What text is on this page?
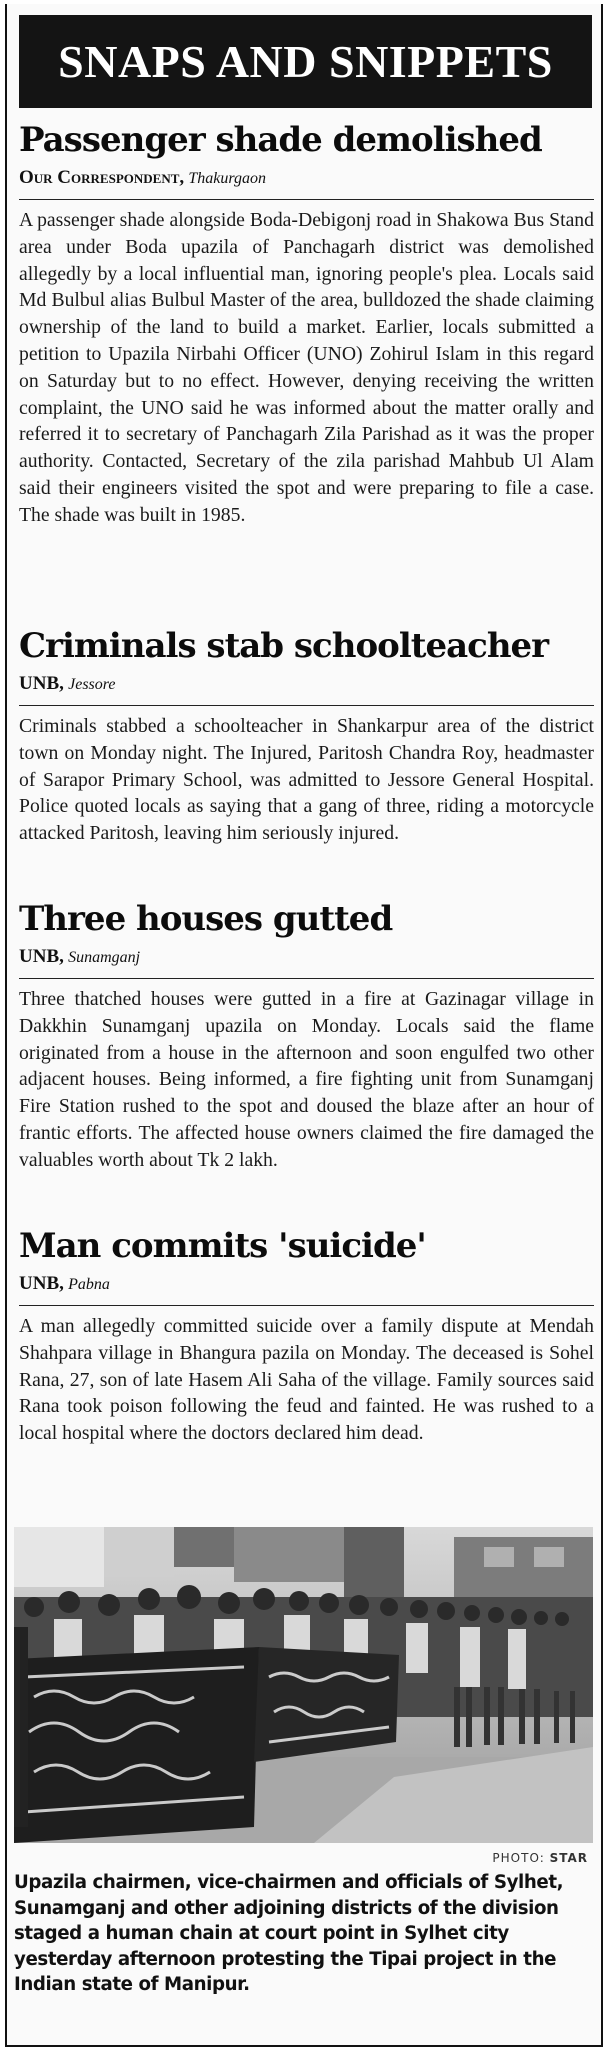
SNAPS AND SNIPPETS
Passenger shade demolished
Our Correspondent, Thakurgaon
A passenger shade alongside Boda-Debigonj road in Shakowa Bus Stand area under Boda upazila of Panchagarh district was demolished allegedly by a local influential man, ignoring people's plea. Locals said Md Bulbul alias Bulbul Master of the area, bulldozed the shade claiming ownership of the land to build a market. Earlier, locals submitted a petition to Upazila Nirbahi Officer (UNO) Zohirul Islam in this regard on Saturday but to no effect. However, denying receiving the written complaint, the UNO said he was informed about the matter orally and referred it to secretary of Panchagarh Zila Parishad as it was the proper authority. Contacted, Secretary of the zila parishad Mahbub Ul Alam said their engineers visited the spot and were preparing to file a case. The shade was built in 1985.
Criminals stab schoolteacher
UNB, Jessore
Criminals stabbed a schoolteacher in Shankarpur area of the district town on Monday night. The Injured, Paritosh Chandra Roy, headmaster of Sarapor Primary School, was admitted to Jessore General Hospital. Police quoted locals as saying that a gang of three, riding a motorcycle attacked Paritosh, leaving him seriously injured.
Three houses gutted
UNB, Sunamganj
Three thatched houses were gutted in a fire at Gazinagar village in Dakkhin Sunamganj upazila on Monday. Locals said the flame originated from a house in the afternoon and soon engulfed two other adjacent houses. Being informed, a fire fighting unit from Sunamganj Fire Station rushed to the spot and doused the blaze after an hour of frantic efforts. The affected house owners claimed the fire damaged the valuables worth about Tk 2 lakh.
Man commits 'suicide'
UNB, Pabna
A man allegedly committed suicide over a family dispute at Mendah Shahpara village in Bhangura pazila on Monday. The deceased is Sohel Rana, 27, son of late Hasem Ali Saha of the village. Family sources said Rana took poison following the feud and fainted. He was rushed to a local hospital where the doctors declared him dead.
PHOTO: STAR
Upazila chairmen, vice-chairmen and officials of Sylhet, Sunamganj and other adjoining districts of the division staged a human chain at court point in Sylhet city yesterday afternoon protesting the Tipai project in the Indian state of Manipur.
